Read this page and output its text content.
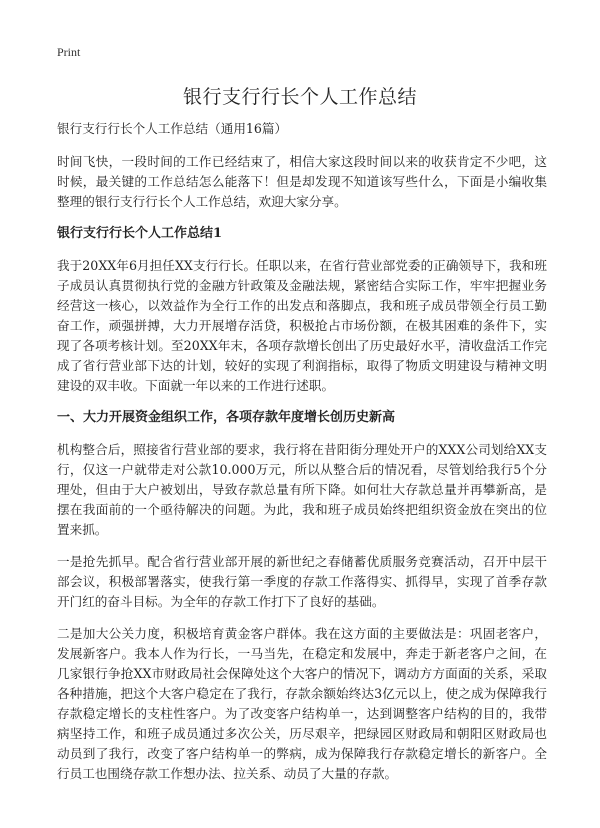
Print
银行支行行长个人工作总结

银行支行行长个人工作总结（通用16篇）

时间飞快，一段时间的工作已经结束了，相信大家这段时间以来的收获肯定不少吧，这时候，最关键的工作总结怎么能落下！但是却发现不知道该写些什么，下面是小编收集整理的银行支行行长个人工作总结，欢迎大家分享。

银行支行行长个人工作总结1

我于20XX年6月担任XX支行行长。任职以来，在省行营业部党委的正确领导下，我和班子成员认真贯彻执行党的金融方针政策及金融法规，紧密结合实际工作，牢牢把握业务经营这一核心，以效益作为全行工作的出发点和落脚点，我和班子成员带领全行员工勤奋工作，顽强拼搏，大力开展增存活贷，积极抢占市场份额，在极其困难的条件下，实现了各项考核计划。至20XX年末，各项存款增长创出了历史最好水平，清收盘活工作完成了省行营业部下达的计划，较好的实现了利润指标，取得了物质文明建设与精神文明建设的双丰收。下面就一年以来的工作进行述职。

一、大力开展资金组织工作，各项存款年度增长创历史新高

机构整合后，照接省行营业部的要求，我行将在昔阳街分理处开户的XXX公司划给XX支行，仅这一户就带走对公款10.000万元，所以从整合后的情况看，尽管划给我行5个分理处，但由于大户被划出，导致存款总量有所下降。如何壮大存款总量并再攀新高，是摆在我面前的一个亟待解决的问题。为此，我和班子成员始终把组织资金放在突出的位置来抓。

一是抢先抓早。配合省行营业部开展的新世纪之春储蓄优质服务竞赛活动，召开中层干部会议，积极部署落实，使我行第一季度的存款工作落得实、抓得早，实现了首季存款开门红的奋斗目标。为全年的存款工作打下了良好的基础。

二是加大公关力度，积极培育黄金客户群体。我在这方面的主要做法是：巩固老客户，发展新客户。我本人作为行长，一马当先，在稳定和发展中，奔走于新老客户之间，在几家银行争抢XX市财政局社会保障处这个大客户的情况下，调动方方面面的关系，采取各种措施，把这个大客户稳定在了我行，存款余额始终达3亿元以上，使之成为保障我行存款稳定增长的支柱性客户。为了改变客户结构单一，达到调整客户结构的目的，我带病坚持工作，和班子成员通过多次公关，历尽艰辛，把绿园区财政局和朝阳区财政局也动员到了我行，改变了客户结构单一的弊病，成为保障我行存款稳定增长的新客户。全行员工也围绕存款工作想办法、拉关系、动员了大量的存款。
